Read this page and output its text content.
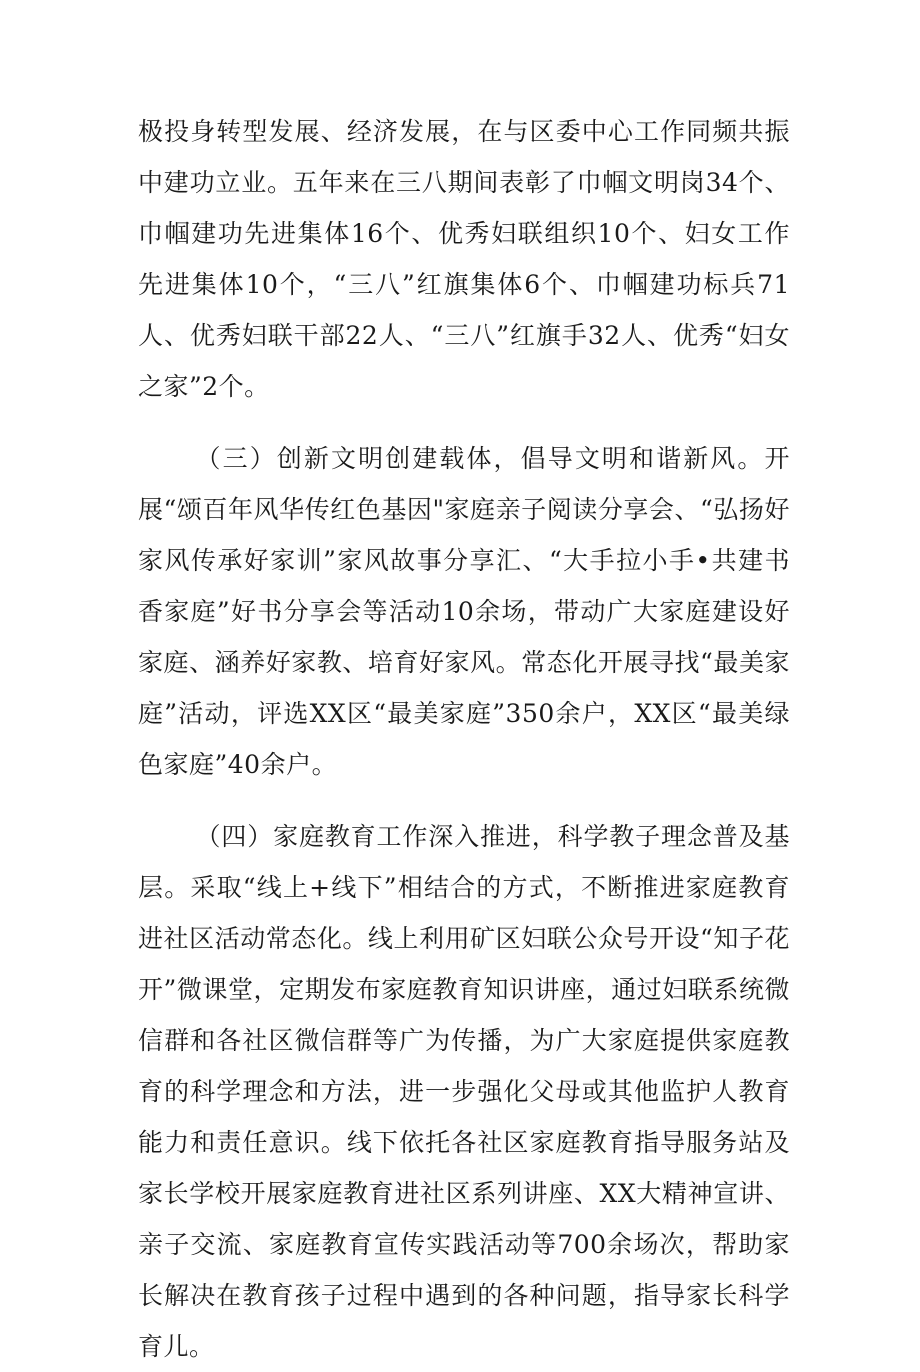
极投身转型发展、经济发展，在与区委中心工作同频共振中建功立业。五年来在三八期间表彰了巾帼文明岗34个、巾帼建功先进集体16个、优秀妇联组织10个、妇女工作先进集体10个，“三八”红旗集体6个、巾帼建功标兵71人、优秀妇联干部22人、“三八”红旗手32人、优秀“妇女之家”2个。

（三）创新文明创建载体，倡导文明和谐新风。开展“颂百年风华传红色基因"家庭亲子阅读分享会、“弘扬好家风传承好家训”家风故事分享汇、“大手拉小手•共建书香家庭”好书分享会等活动10余场，带动广大家庭建设好家庭、涵养好家教、培育好家风。常态化开展寻找“最美家庭”活动，评选XX区“最美家庭”350余户，XX区“最美绿色家庭”40余户。

（四）家庭教育工作深入推进，科学教子理念普及基层。采取“线上+线下”相结合的方式，不断推进家庭教育进社区活动常态化。线上利用矿区妇联公众号开设“知子花开”微课堂，定期发布家庭教育知识讲座，通过妇联系统微信群和各社区微信群等广为传播，为广大家庭提供家庭教育的科学理念和方法，进一步强化父母或其他监护人教育能力和责任意识。线下依托各社区家庭教育指导服务站及家长学校开展家庭教育进社区系列讲座、XX大精神宣讲、亲子交流、家庭教育宣传实践活动等700余场次，帮助家长解决在教育孩子过程中遇到的各种问题，指导家长科学育儿。
